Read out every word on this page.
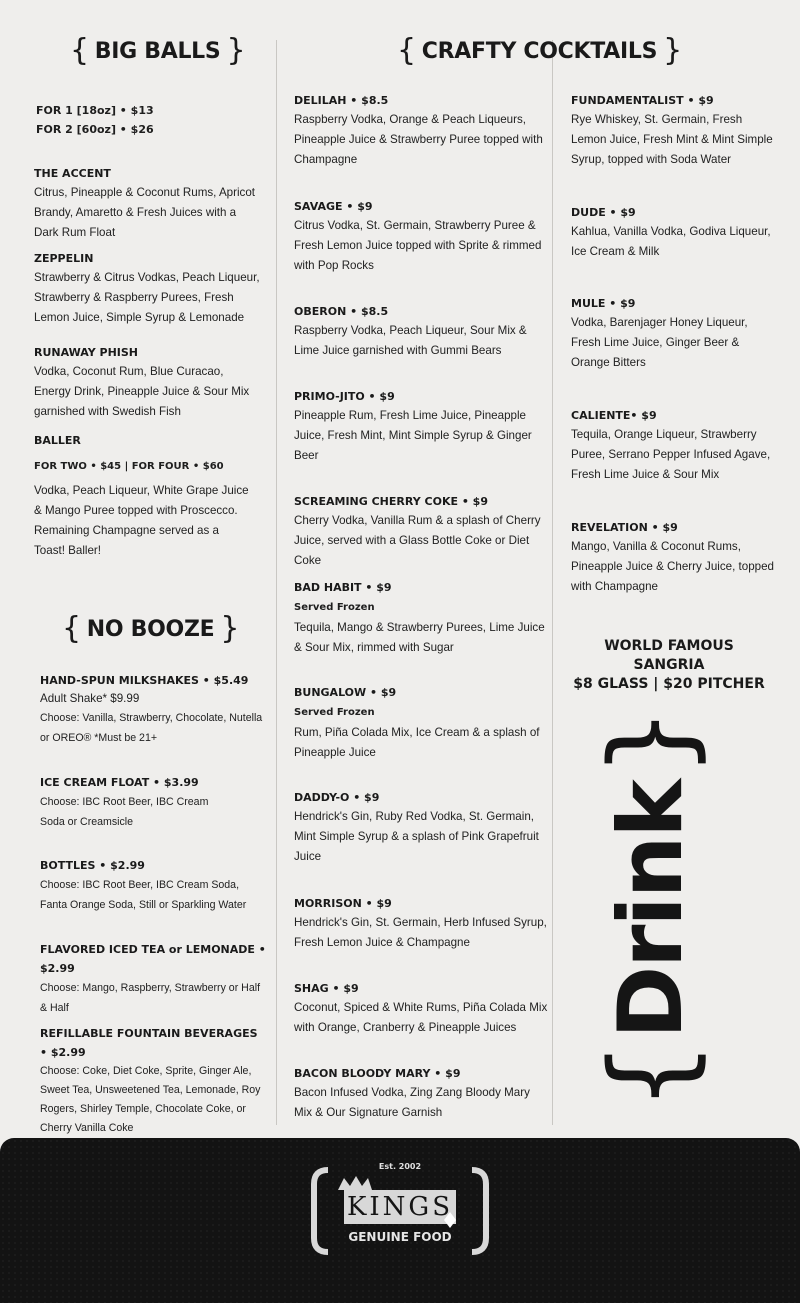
{ BIG BALLS }
FOR 1 [18oz] • $13
FOR 2 [60oz] • $26
THE ACCENT
Citrus, Pineapple & Coconut Rums, Apricot Brandy, Amaretto & Fresh Juices with a Dark Rum Float
ZEPPELIN
Strawberry & Citrus Vodkas, Peach Liqueur, Strawberry & Raspberry Purees, Fresh Lemon Juice, Simple Syrup & Lemonade
RUNAWAY PHISH
Vodka, Coconut Rum, Blue Curacao, Energy Drink, Pineapple Juice & Sour Mix garnished with Swedish Fish
BALLER
FOR TWO • $45 | FOR FOUR • $60
Vodka, Peach Liqueur, White Grape Juice & Mango Puree topped with Proscecco. Remaining Champagne served as a Toast! Baller!
{ NO BOOZE }
HAND-SPUN MILKSHAKES • $5.49
Adult Shake* $9.99
Choose: Vanilla, Strawberry, Chocolate, Nutella or OREO® *Must be 21+
ICE CREAM FLOAT • $3.99
Choose: IBC Root Beer, IBC Cream Soda or Creamsicle
BOTTLES • $2.99
Choose: IBC Root Beer, IBC Cream Soda, Fanta Orange Soda, Still or Sparkling Water
FLAVORED ICED TEA or LEMONADE • $2.99
Choose: Mango, Raspberry, Strawberry or Half & Half
REFILLABLE FOUNTAIN BEVERAGES • $2.99
Choose: Coke, Diet Coke, Sprite, Ginger Ale, Sweet Tea, Unsweetened Tea, Lemonade, Roy Rogers, Shirley Temple, Chocolate Coke, or Cherry Vanilla Coke
{ CRAFTY COCKTAILS }
DELILAH • $8.5
Raspberry Vodka, Orange & Peach Liqueurs, Pineapple Juice & Strawberry Puree topped with Champagne
SAVAGE • $9
Citrus Vodka, St. Germain, Strawberry Puree & Fresh Lemon Juice topped with Sprite & rimmed with Pop Rocks
OBERON • $8.5
Raspberry Vodka, Peach Liqueur, Sour Mix & Lime Juice garnished with Gummi Bears
PRIMO-JITO • $9
Pineapple Rum, Fresh Lime Juice, Pineapple Juice, Fresh Mint, Mint Simple Syrup & Ginger Beer
SCREAMING CHERRY COKE • $9
Cherry Vodka, Vanilla Rum & a splash of Cherry Juice, served with a Glass Bottle Coke or Diet Coke
BAD HABIT • $9
Served Frozen
Tequila, Mango & Strawberry Purees, Lime Juice & Sour Mix, rimmed with Sugar
BUNGALOW • $9
Served Frozen
Rum, Piña Colada Mix, Ice Cream & a splash of Pineapple Juice
DADDY-O • $9
Hendrick's Gin, Ruby Red Vodka, St. Germain, Mint Simple Syrup & a splash of Pink Grapefruit Juice
MORRISON • $9
Hendrick's Gin, St. Germain, Herb Infused Syrup, Fresh Lemon Juice & Champagne
SHAG • $9
Coconut, Spiced & White Rums, Piña Colada Mix with Orange, Cranberry & Pineapple Juices
BACON BLOODY MARY • $9
Bacon Infused Vodka, Zing Zang Bloody Mary Mix & Our Signature Garnish
FUNDAMENTALIST • $9
Rye Whiskey, St. Germain, Fresh Lemon Juice, Fresh Mint & Mint Simple Syrup, topped with Soda Water
DUDE • $9
Kahlua, Vanilla Vodka, Godiva Liqueur, Ice Cream & Milk
MULE • $9
Vodka, Barenjager Honey Liqueur, Fresh Lime Juice, Ginger Beer & Orange Bitters
CALIENTE• $9
Tequila, Orange Liqueur, Strawberry Puree, Serrano Pepper Infused Agave, Fresh Lime Juice & Sour Mix
REVELATION • $9
Mango, Vanilla & Coconut Rums, Pineapple Juice & Cherry Juice, topped with Champagne
WORLD FAMOUS
SANGRIA
$8 GLASS | $20 PITCHER
{
Drink
}
Est. 2002
KINGS
GENUINE FOOD
